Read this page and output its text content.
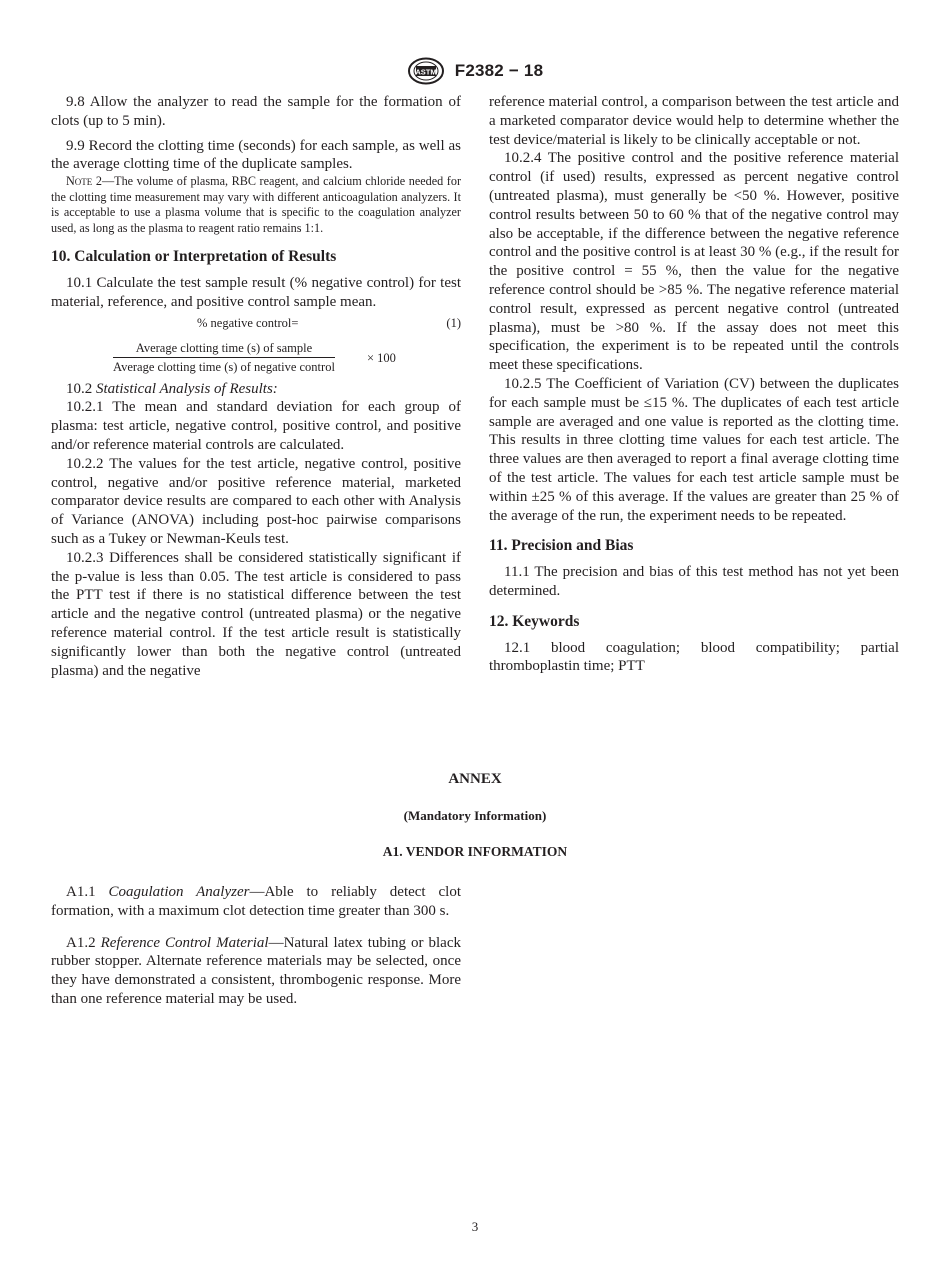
ASTM F2382 − 18

9.8 Allow the analyzer to read the sample for the formation of clots (up to 5 min).

9.9 Record the clotting time (seconds) for each sample, as well as the average clotting time of the duplicate samples.

Note 2—The volume of plasma, RBC reagent, and calcium chloride needed for the clotting time measurement may vary with different anticoagulation analyzers. It is acceptable to use a plasma volume that is specific to the coagulation analyzer used, as long as the plasma to reagent ratio remains 1:1.
10. Calculation or Interpretation of Results

10.1 Calculate the test sample result (% negative control) for test material, reference, and positive control sample mean.

% negative control=	(1)
Average clotting time (s) of sample
Average clotting time (s) of negative control
× 100

10.2 Statistical Analysis of Results:

10.2.1 The mean and standard deviation for each group of plasma: test article, negative control, positive control, and positive and/or reference material controls are calculated.

10.2.2 The values for the test article, negative control, positive control, negative and/or positive reference material, marketed comparator device results are compared to each other with Analysis of Variance (ANOVA) including post-hoc pairwise comparisons such as a Tukey or Newman-Keuls test.

10.2.3 Differences shall be considered statistically significant if the p-value is less than 0.05. The test article is considered to pass the PTT test if there is no statistical difference between the test article and the negative control (untreated plasma) or the negative reference material control. If the test article result is statistically significantly lower than both the negative control (untreated plasma) and the negative

reference material control, a comparison between the test article and a marketed comparator device would help to determine whether the test device/material is likely to be clinically acceptable or not.

10.2.4 The positive control and the positive reference material control (if used) results, expressed as percent negative control (untreated plasma), must generally be <50 %. However, positive control results between 50 to 60 % that of the negative control may also be acceptable, if the difference between the negative reference control and the positive control is at least 30 % (e.g., if the result for the positive control = 55 %, then the value for the negative reference control should be >85 %. The negative reference material control result, expressed as percent negative control (untreated plasma), must be >80 %. If the assay does not meet this specification, the experiment is to be repeated until the controls meet these specifications.

10.2.5 The Coefficient of Variation (CV) between the duplicates for each sample must be ≤15 %. The duplicates of each test article sample are averaged and one value is reported as the clotting time. This results in three clotting time values for each test article. The three values are then averaged to report a final average clotting time of the test article. The values for each test article sample must be within ±25 % of this average. If the values are greater than 25 % of the average of the run, the experiment needs to be repeated.

11. Precision and Bias

11.1 The precision and bias of this test method has not yet been determined.

12. Keywords

12.1 blood coagulation; blood compatibility; partial thromboplastin time; PTT

ANNEX
(Mandatory Information)
A1. VENDOR INFORMATION

A1.1 Coagulation Analyzer—Able to reliably detect clot formation, with a maximum clot detection time greater than 300 s.

A1.2 Reference Control Material—Natural latex tubing or black rubber stopper. Alternate reference materials may be selected, once they have demonstrated a consistent, thrombogenic response. More than one reference material may be used.

3
